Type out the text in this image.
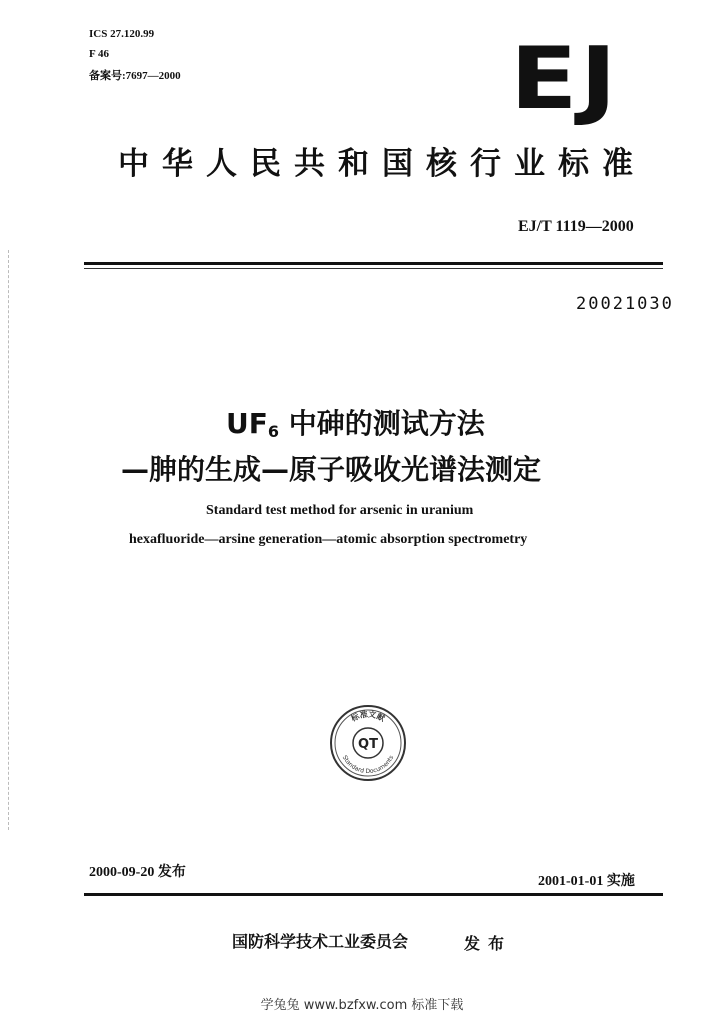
ICS 27.120.99
F 46
备案号:7697—2000	EJ
中华人民共和国核行业标准
EJ/T 1119—2000
20021030
$UF_6$ 中砷的测试方法
—胂的生成—原子吸收光谱法测定
Standard test method for arsenic in uranium
hexafluoride—arsine generation—atomic absorption spectrometry
标准文献
QT
Standard Documents
2000-09-20 发布
2001-01-01 实施
国防科学技术工业委员会	发布
学兔兔 www.bzfxw.com 标准下载
